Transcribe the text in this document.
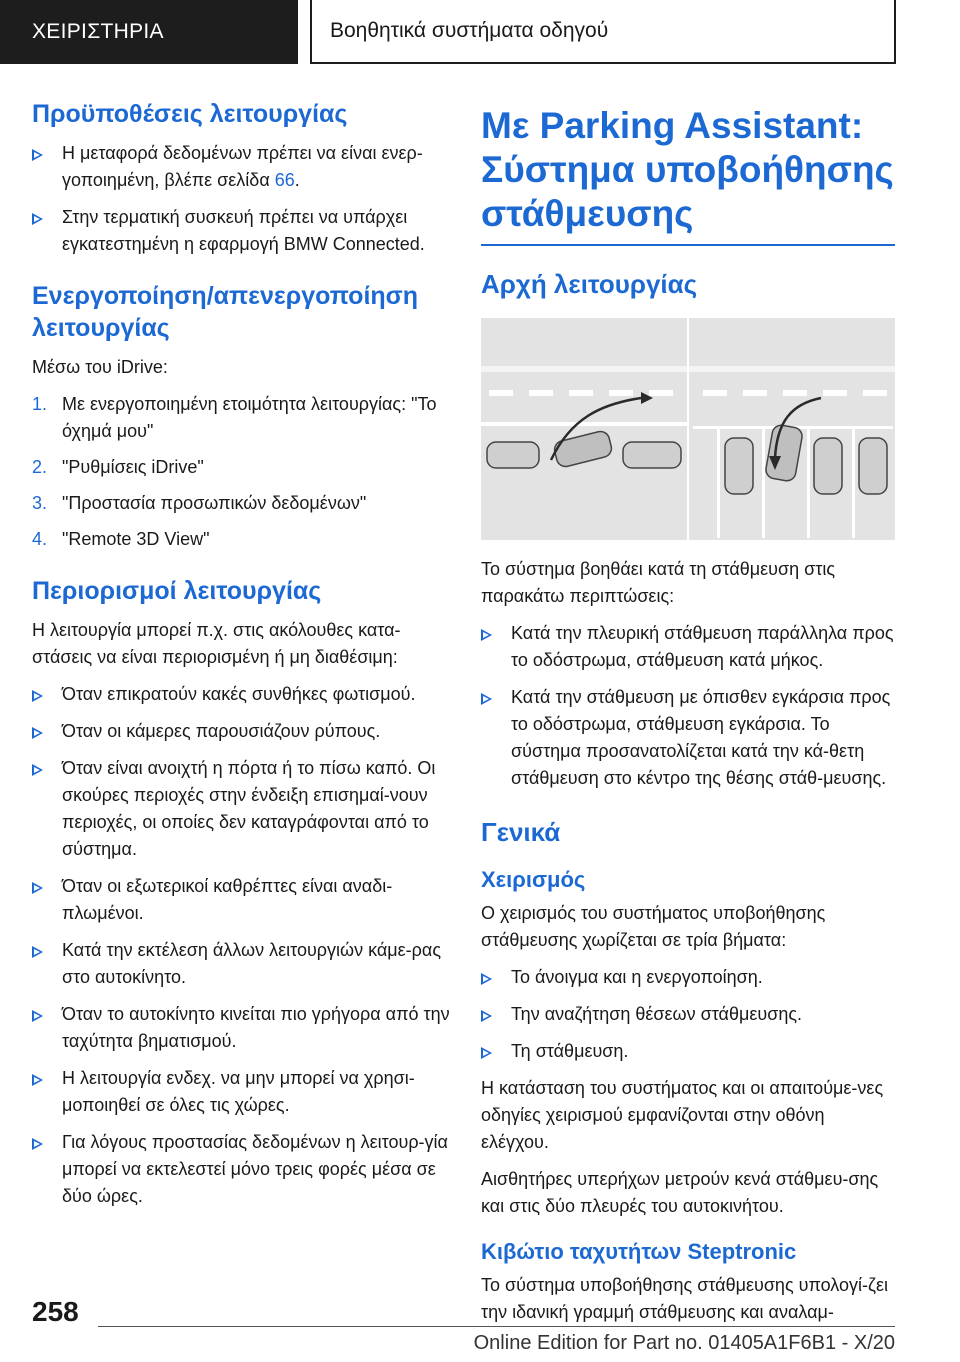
ΧΕΙΡΙΣΤΗΡΙΑ	Βοηθητικά συστήματα οδηγού
Προϋποθέσεις λειτουργίας
Η μεταφορά δεδομένων πρέπει να είναι ενερ‐γοποιημένη, βλέπε σελίδα 66.
Στην τερματική συσκευή πρέπει να υπάρχει εγκατεστημένη η εφαρμογή BMW Connected.
Ενεργοποίηση/απενεργοποίηση λειτουργίας

Μέσω του iDrive:

1. Με ενεργοποιημένη ετοιμότητα λειτουργίας: "Το όχημά μου"
2. "Ρυθμίσεις iDrive"
3. "Προστασία προσωπικών δεδομένων"
4. "Remote 3D View"
Περιορισμοί λειτουργίας

Η λειτουργία μπορεί π.χ. στις ακόλουθες κατα‐στάσεις να είναι περιορισμένη ή μη διαθέσιμη:

Όταν επικρατούν κακές συνθήκες φωτισμού.
Όταν οι κάμερες παρουσιάζουν ρύπους.
Όταν είναι ανοιχτή η πόρτα ή το πίσω καπό. Οι σκούρες περιοχές στην ένδειξη επισημαί‐νουν περιοχές, οι οποίες δεν καταγράφονται από το σύστημα.
Όταν οι εξωτερικοί καθρέπτες είναι αναδι‐πλωμένοι.
Κατά την εκτέλεση άλλων λειτουργιών κάμε‐ρας στο αυτοκίνητο.
Όταν το αυτοκίνητο κινείται πιο γρήγορα από την ταχύτητα βηματισμού.
Η λειτουργία ενδεχ. να μην μπορεί να χρησι‐μοποιηθεί σε όλες τις χώρες.
Για λόγους προστασίας δεδομένων η λειτουρ‐γία μπορεί να εκτελεστεί μόνο τρεις φορές μέσα σε δύο ώρες.
Με Parking Assistant: Σύστημα υποβοήθησης στάθμευσης
Αρχή λειτουργίας

Το σύστημα βοηθάει κατά τη στάθμευση στις παρακάτω περιπτώσεις:

Κατά την πλευρική στάθμευση παράλληλα προς το οδόστρωμα, στάθμευση κατά μήκος.
Κατά την στάθμευση με όπισθεν εγκάρσια προς το οδόστρωμα, στάθμευση εγκάρσια. Το σύστημα προσανατολίζεται κατά την κά‐θετη στάθμευση στο κέντρο της θέσης στάθ‐μευσης.
Γενικά
Χειρισμός

Ο χειρισμός του συστήματος υποβοήθησης στάθμευσης χωρίζεται σε τρία βήματα:

Το άνοιγμα και η ενεργοποίηση.
Την αναζήτηση θέσεων στάθμευσης.
Τη στάθμευση.

Η κατάσταση του συστήματος και οι απαιτούμε‐νες οδηγίες χειρισμού εμφανίζονται στην οθόνη ελέγχου.

Αισθητήρες υπερήχων μετρούν κενά στάθμευ‐σης και στις δύο πλευρές του αυτοκινήτου.

Κιβώτιο ταχυτήτων Steptronic

Το σύστημα υποβοήθησης στάθμευσης υπολογί‐ζει την ιδανική γραμμή στάθμευσης και αναλαμ‐

258
Online Edition for Part no. 01405A1F6B1 - X/20
